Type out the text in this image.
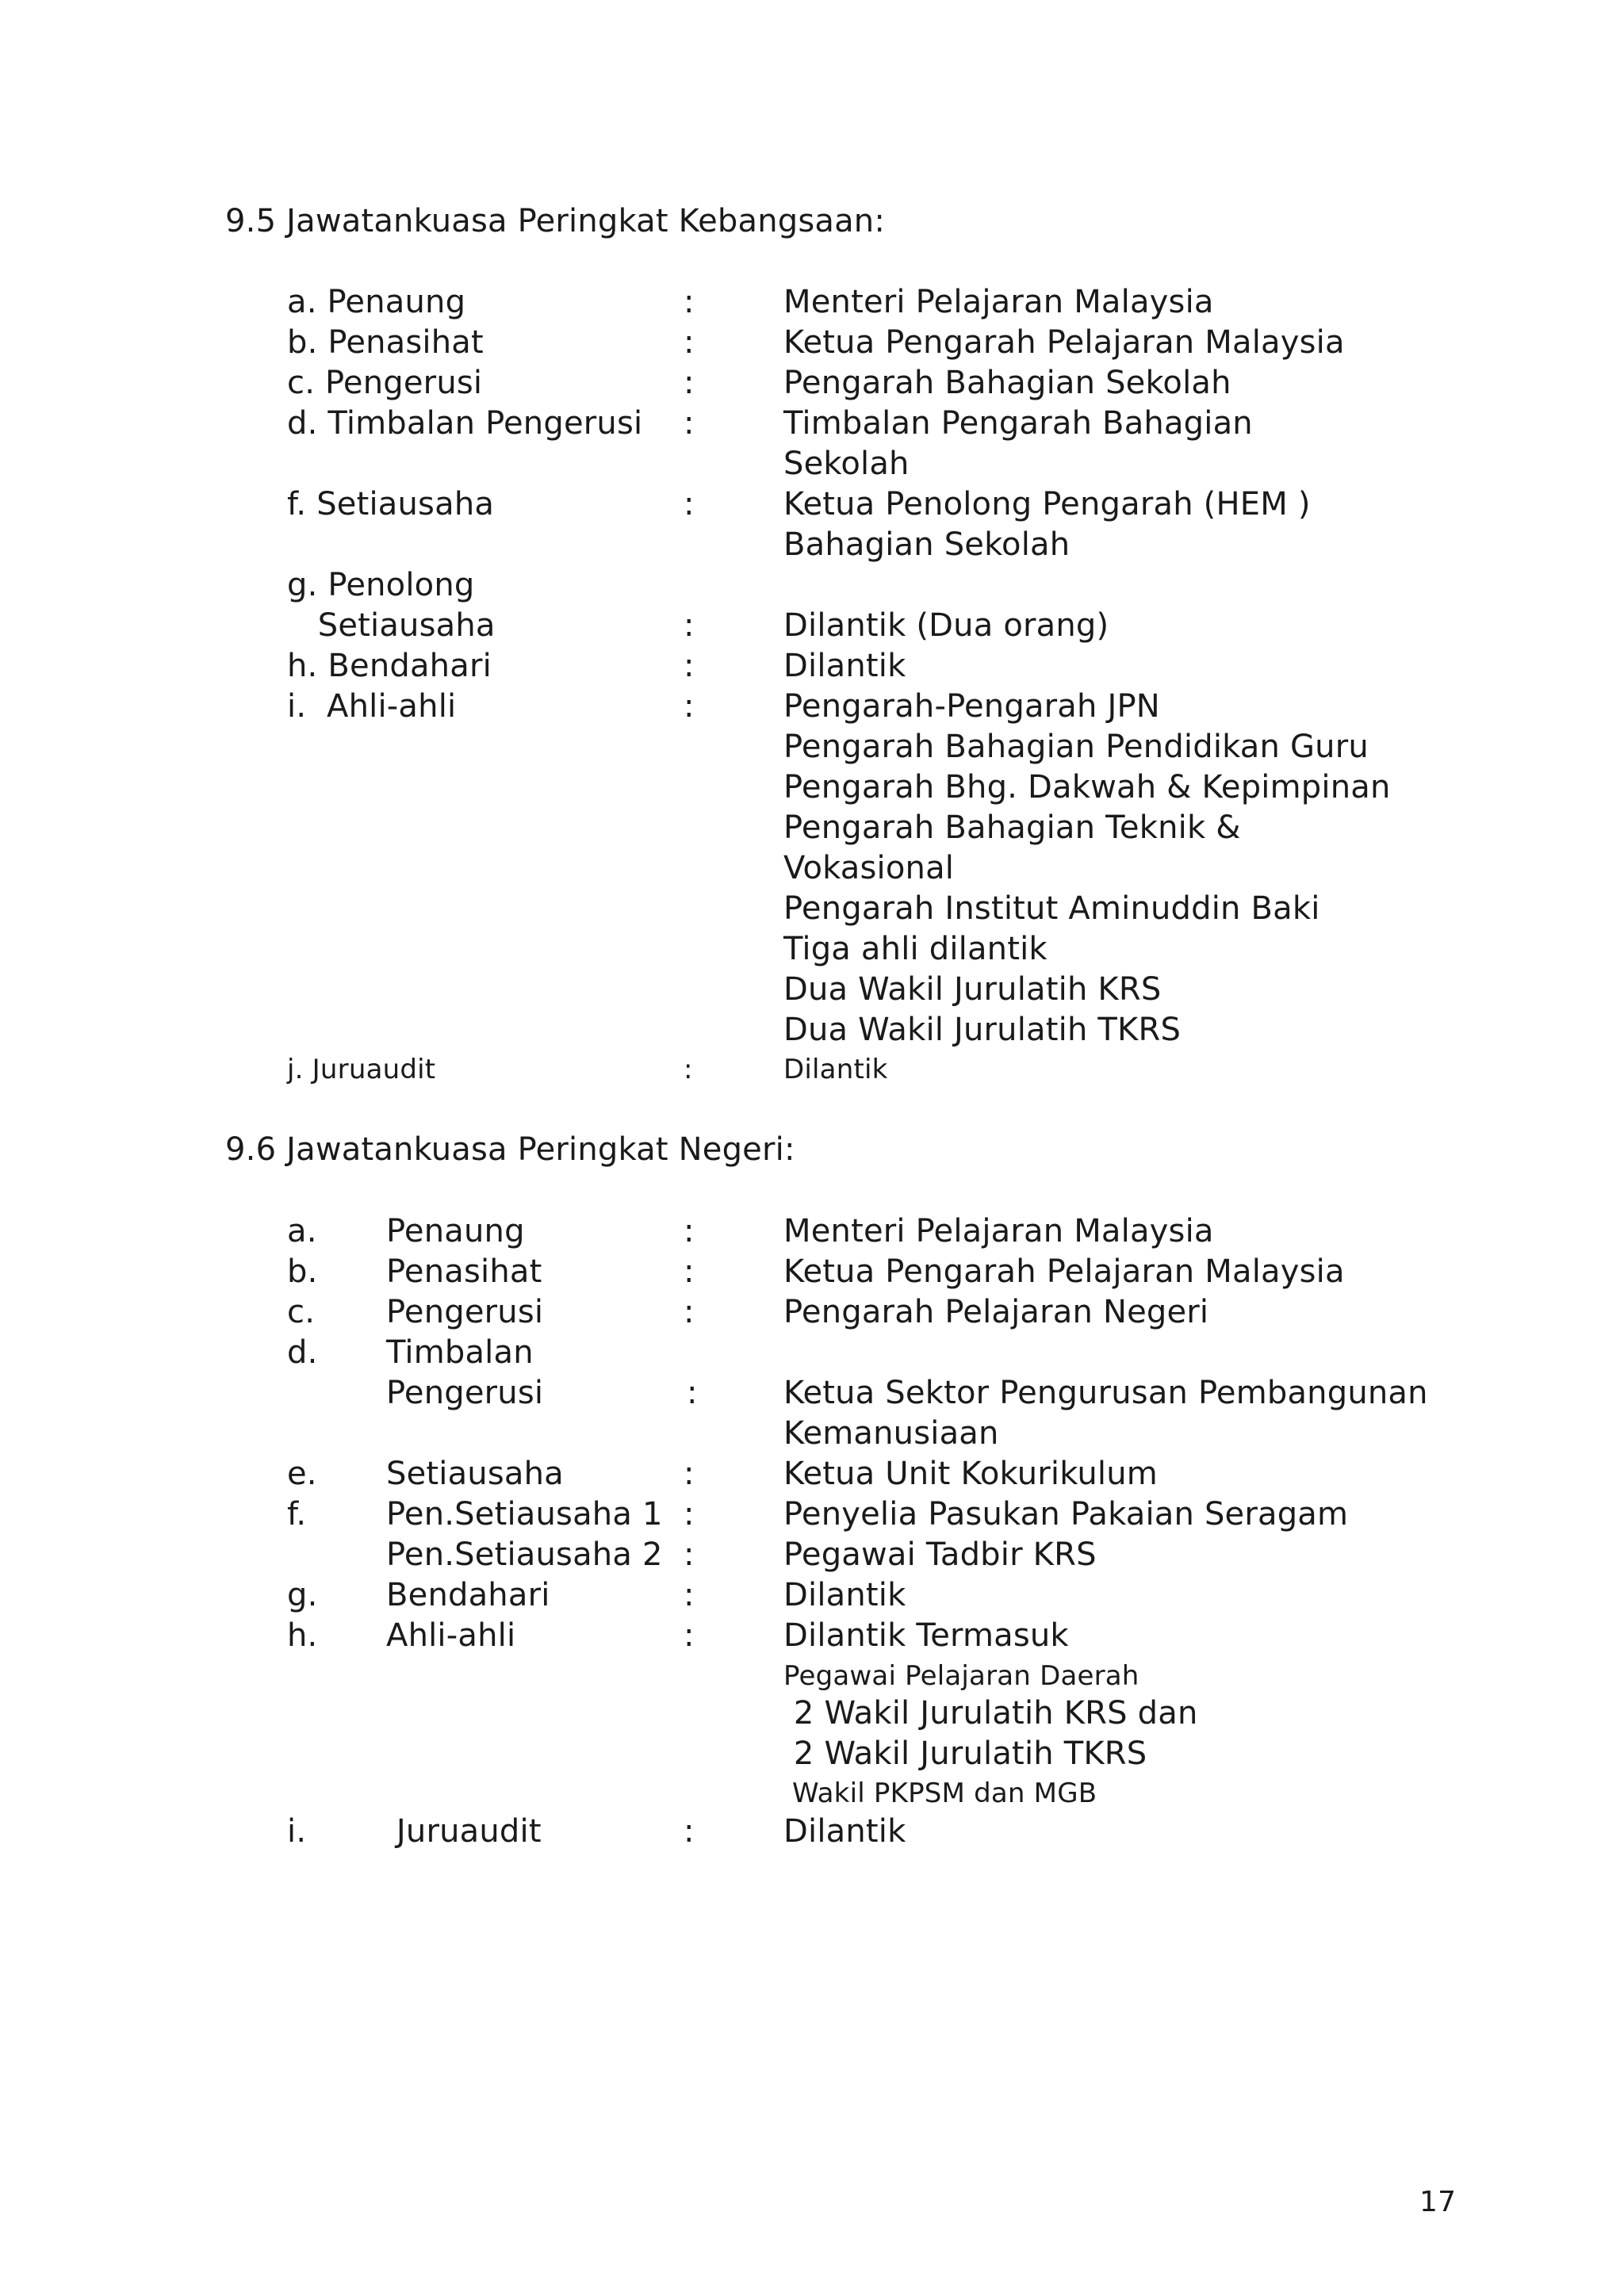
9.5 Jawatankuasa Peringkat Kebangsaan:
a. Penaung	:	Menteri Pelajaran Malaysia
b. Penasihat	:	Ketua Pengarah Pelajaran Malaysia
c. Pengerusi	:	Pengarah Bahagian Sekolah
d. Timbalan Pengerusi :	Timbalan Pengarah Bahagian
Sekolah
f. Setiausaha	:	Ketua Penolong Pengarah (HEM )
Bahagian Sekolah
g. Penolong
Setiausaha	:	Dilantik (Dua orang)
h. Bendahari	:	Dilantik
i.  Ahli-ahli	:	Pengarah-Pengarah JPN
Pengarah Bahagian Pendidikan Guru
Pengarah Bhg. Dakwah & Kepimpinan
Pengarah Bahagian Teknik &
Vokasional
Pengarah Institut Aminuddin Baki
Tiga ahli dilantik
Dua Wakil Jurulatih KRS
Dua Wakil Jurulatih TKRS
j. Juruaudit	:	Dilantik
9.6 Jawatankuasa Peringkat Negeri:
a. Penaung	:	Menteri Pelajaran Malaysia
b. Penasihat	:	Ketua Pengarah Pelajaran Malaysia
c. Pengerusi	:	Pengarah Pelajaran Negeri
d. Timbalan
Pengerusi	:	Ketua Sektor Pengurusan Pembangunan
Kemanusiaan
e. Setiausaha	:	Ketua Unit Kokurikulum
f.	Pen.Setiausaha 1 :	Penyelia Pasukan Pakaian Seragam
Pen.Setiausaha 2 :	Pegawai Tadbir KRS
g. Bendahari	:	Dilantik
h. Ahli-ahli	:	Dilantik Termasuk
Pegawai Pelajaran Daerah
2 Wakil Jurulatih KRS dan
2 Wakil Jurulatih TKRS
Wakil PKPSM dan MGB
i.	Juruaudit	:	Dilantik
17
